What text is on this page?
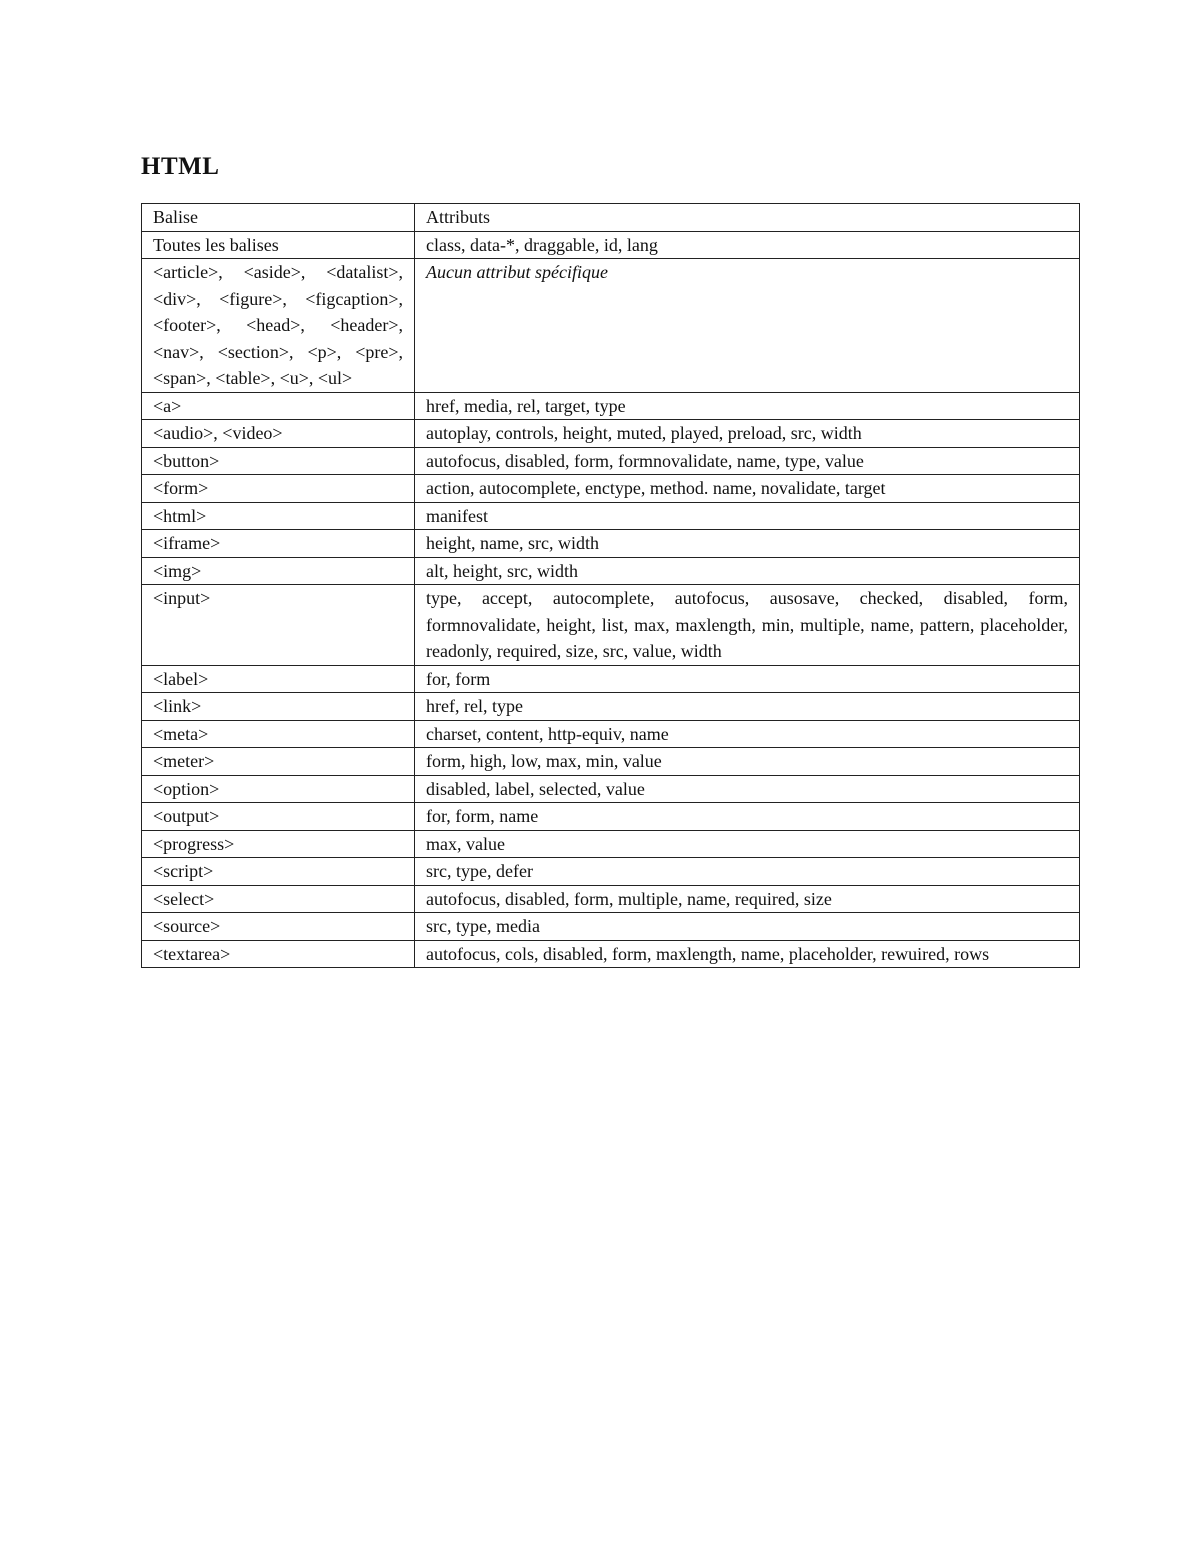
HTML
Balise	Attributs
Toutes les balises	class, data-*, draggable, id, lang
<article>, <aside>, <datalist>, <div>, <figure>, <figcaption>, <footer>, <head>, <header>, <nav>, <section>, <p>, <pre>, <span>, <table>, <u>, <ul>	Aucun attribut spécifique
<a>	href, media, rel, target, type
<audio>, <video>	autoplay, controls, height, muted, played, preload, src, width
<button>	autofocus, disabled, form, formnovalidate, name, type, value
<form>	action, autocomplete, enctype, method. name, novalidate, target
<html>	manifest
<iframe>	height, name, src, width
<img>	alt, height, src, width
<input>	type, accept, autocomplete, autofocus, ausosave, checked, disabled, form, formnovalidate, height, list, max, maxlength, min, multiple, name, pattern, placeholder, readonly, required, size, src, value, width
<label>	for, form
<link>	href, rel, type
<meta>	charset, content, http-equiv, name
<meter>	form, high, low, max, min, value
<option>	disabled, label, selected, value
<output>	for, form, name
<progress>	max, value
<script>	src, type, defer
<select>	autofocus, disabled, form, multiple, name, required, size
<source>	src, type, media
<textarea>	autofocus, cols, disabled, form, maxlength, name, placeholder, rewuired, rows
